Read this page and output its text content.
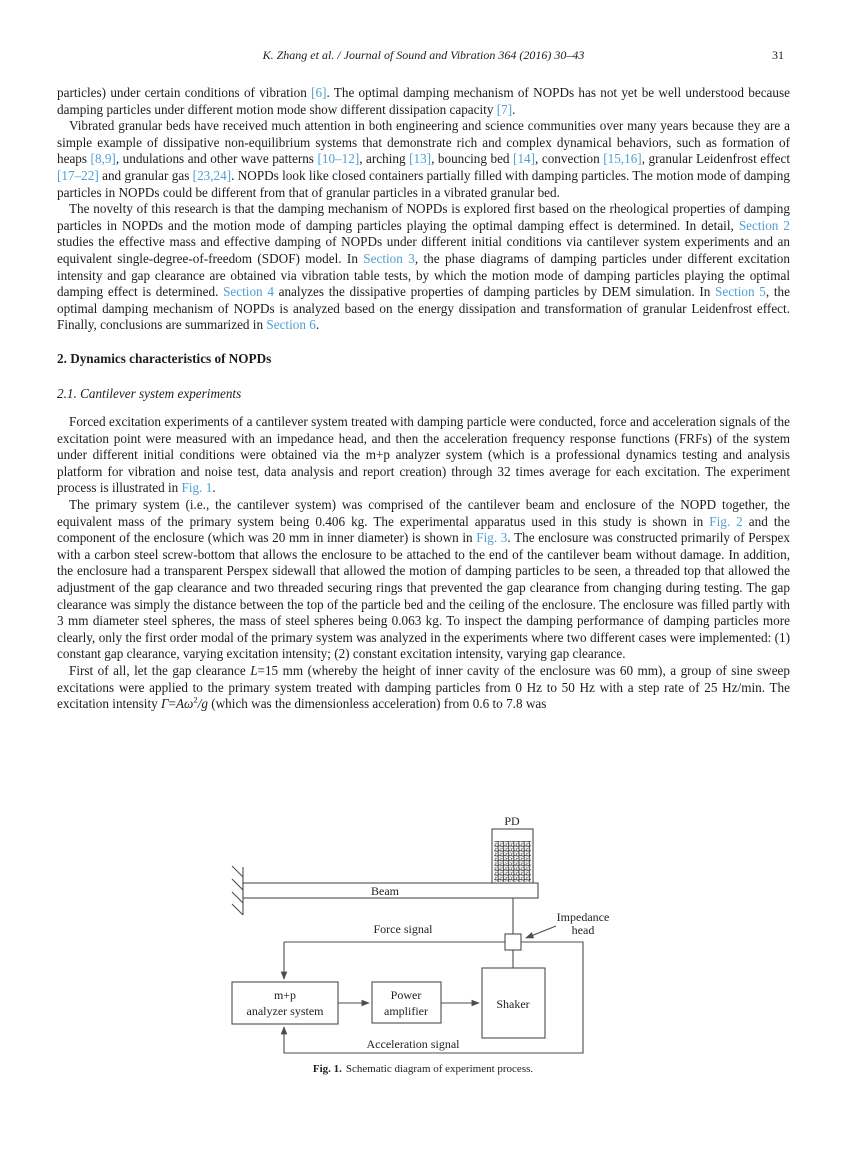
K. Zhang et al. / Journal of Sound and Vibration 364 (2016) 30–43	31

particles) under certain conditions of vibration [6]. The optimal damping mechanism of NOPDs has not yet be well understood because damping particles under different motion mode show different dissipation capacity [7].

Vibrated granular beds have received much attention in both engineering and science communities over many years because they are a simple example of dissipative non-equilibrium systems that demonstrate rich and complex dynamical behaviors, such as formation of heaps [8,9], undulations and other wave patterns [10–12], arching [13], bouncing bed [14], convection [15,16], granular Leidenfrost effect [17–22] and granular gas [23,24]. NOPDs look like closed containers partially filled with damping particles. The motion mode of damping particles in NOPDs could be different from that of granular particles in a vibrated granular bed.

The novelty of this research is that the damping mechanism of NOPDs is explored first based on the rheological properties of damping particles in NOPDs and the motion mode of damping particles playing the optimal damping effect is determined. In detail, Section 2 studies the effective mass and effective damping of NOPDs under different initial conditions via cantilever system experiments and an equivalent single-degree-of-freedom (SDOF) model. In Section 3, the phase diagrams of damping particles under different excitation intensity and gap clearance are obtained via vibration table tests, by which the motion mode of damping particles playing the optimal damping effect is determined. Section 4 analyzes the dissipative properties of damping particles by DEM simulation. In Section 5, the optimal damping mechanism of NOPDs is analyzed based on the energy dissipation and transformation of granular Leidenfrost effect. Finally, conclusions are summarized in Section 6.

2. Dynamics characteristics of NOPDs
2.1. Cantilever system experiments

Forced excitation experiments of a cantilever system treated with damping particle were conducted, force and acceleration signals of the excitation point were measured with an impedance head, and then the acceleration frequency response functions (FRFs) of the system under different initial conditions were obtained via the m+p analyzer system (which is a professional dynamics testing and analysis platform for vibration and noise test, data analysis and report creation) through 32 times average for each excitation. The experiment process is illustrated in Fig. 1.

The primary system (i.e., the cantilever system) was comprised of the cantilever beam and enclosure of the NOPD together, the equivalent mass of the primary system being 0.406 kg. The experimental apparatus used in this study is shown in Fig. 2 and the component of the enclosure (which was 20 mm in inner diameter) is shown in Fig. 3. The enclosure was constructed primarily of Perspex with a carbon steel screw-bottom that allows the enclosure to be attached to the end of the cantilever beam without damage. In addition, the enclosure had a transparent Perspex sidewall that allowed the motion of damping particles to be seen, a threaded top that allowed the adjustment of the gap clearance and two threaded securing rings that prevented the gap clearance from changing during testing. The gap clearance was simply the distance between the top of the particle bed and the ceiling of the enclosure. The enclosure was filled partly with 3 mm diameter steel spheres, the mass of steel spheres being 0.063 kg. To inspect the damping performance of damping particles more clearly, only the first order modal of the primary system was analyzed in the experiments where two different cases were implemented: (1) constant gap clearance, varying excitation intensity; (2) constant excitation intensity, varying gap clearance.

First of all, let the gap clearance L=15 mm (whereby the height of inner cavity of the enclosure was 60 mm), a group of sine sweep excitations were applied to the primary system treated with damping particles from 0 Hz to 50 Hz with a step rate of 25 Hz/min. The excitation intensity $\Gamma=A\omega^2/g$ (which was the dimensionless acceleration) from 0.6 to 7.8 was

Beam
PD
Impedance
head
Force signal
Acceleration signal
m+p
analyzer system
Power
amplifier	Shaker
Fig. 1. Schematic diagram of experiment process.
